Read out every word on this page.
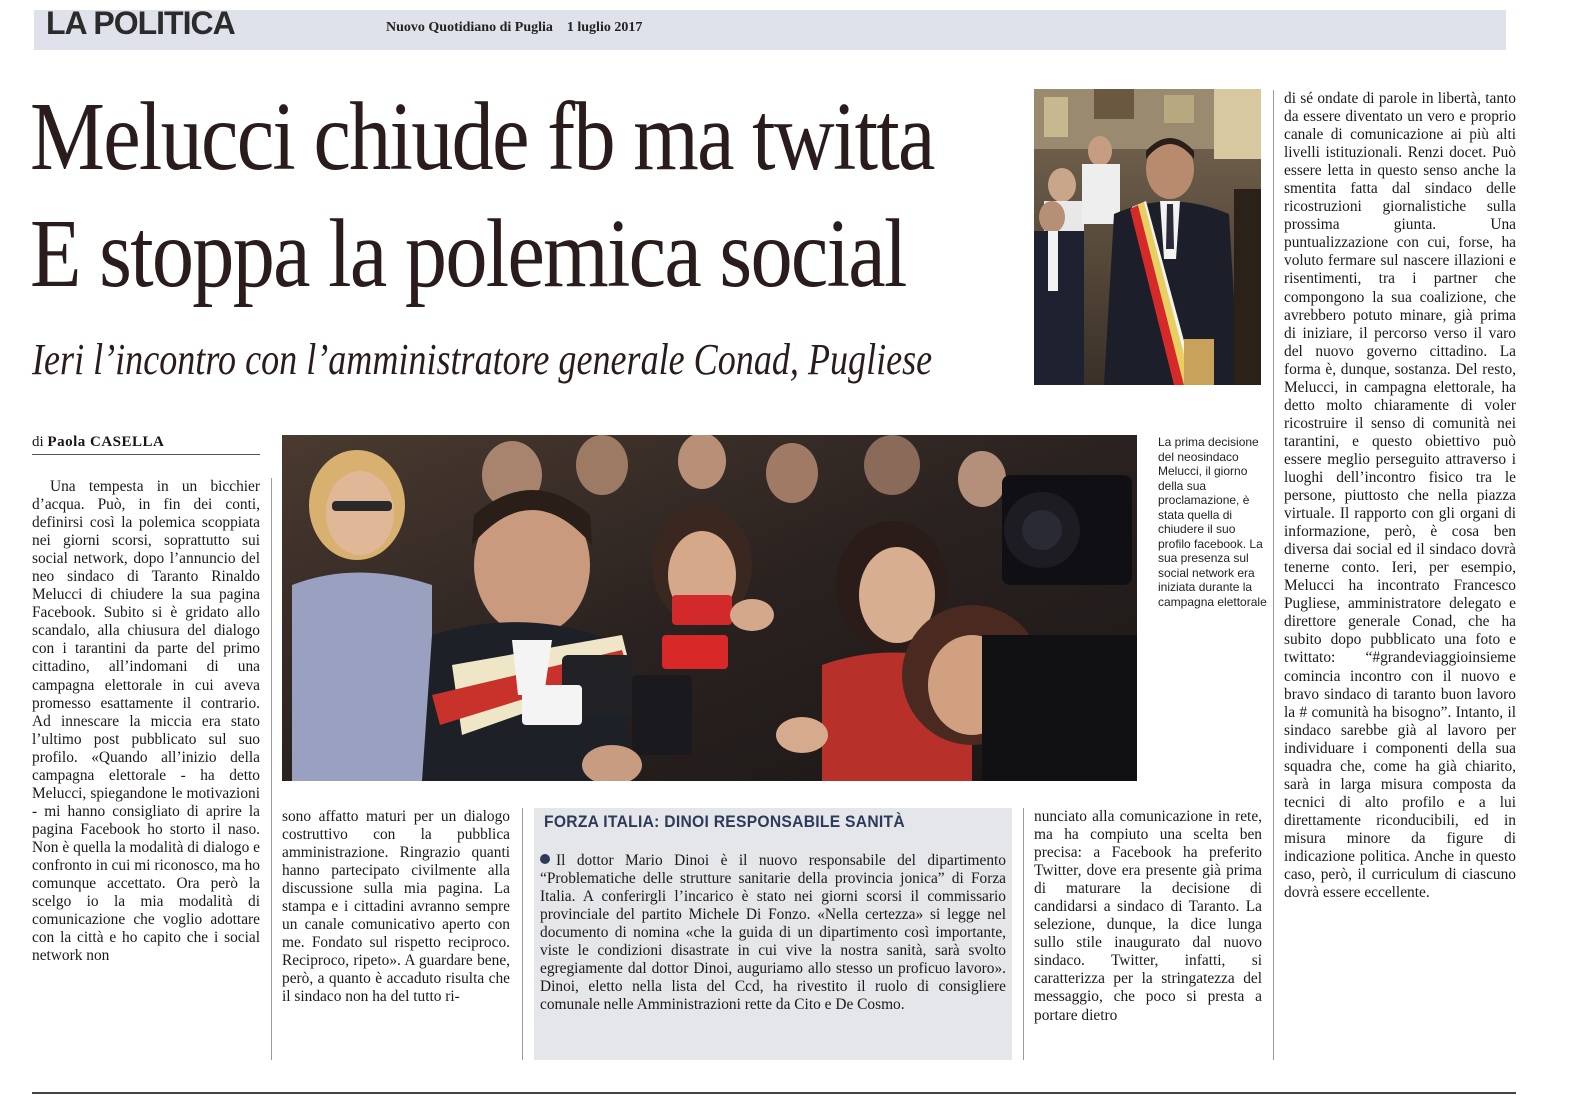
LA POLITICA	Nuovo Quotidiano di Puglia    1 luglio 2017
Melucci chiude fb ma twitta
E stoppa la polemica social
Ieri l’incontro con l’amministratore generale Conad, Pugliese
di Paola CASELLA	La prima decisione del neosindaco Melucci, il giorno della sua proclamazione, è stata quella di chiudere il suo profilo facebook. La sua presenza sul social network era iniziata durante la campagna elettorale

Una tempesta in un bicchier d’acqua. Può, in fin dei conti, definirsi così la polemica scoppiata nei giorni scorsi, soprattutto sui social network, dopo l’annuncio del neo sindaco di Taranto Rinaldo Melucci di chiudere la sua pagina Facebook. Subito si è gridato allo scandalo, alla chiusura del dialogo con i tarantini da parte del primo cittadino, all’indomani di una campagna elettorale in cui aveva promesso esattamente il contrario. Ad innescare la miccia era stato l’ultimo post pubblicato sul suo profilo. «Quando all’inizio della campagna elettorale - ha detto Melucci, spiegandone le motivazioni - mi hanno consigliato di aprire la pagina Facebook ho storto il naso. Non è quella la modalità di dialogo e confronto in cui mi riconosco, ma ho comunque accettato. Ora però la scelgo io la mia modalità di comunicazione che voglio adottare con la città e ho capito che i social network non

sono affatto maturi per un dialogo costruttivo con la pubblica amministrazione. Ringrazio quanti hanno partecipato civilmente alla discussione sulla mia pagina. La stampa e i cittadini avranno sempre un canale comunicativo aperto con me. Fondato sul rispetto reciproco. Reciproco, ripeto». A guardare bene, però, a quanto è accaduto risulta che il sindaco non ha del tutto ri-

FORZA ITALIA: DINOI RESPONSABILE SANITÀ
Il dottor Mario Dinoi è il nuovo responsabile del dipartimento “Problematiche delle strutture sanitarie della provincia jonica” di Forza Italia. A conferirgli l’incarico è stato nei giorni scorsi il commissario provinciale del partito Michele Di Fonzo. «Nella certezza» si legge nel documento di nomina «che la guida di un dipartimento così importante, viste le condizioni disastrate in cui vive la nostra sanità, sarà svolto egregiamente dal dottor Dinoi, auguriamo allo stesso un proficuo lavoro». Dinoi, eletto nella lista del Ccd, ha rivestito il ruolo di consigliere comunale nelle Amministrazioni rette da Cito e De Cosmo.

nunciato alla comunicazione in rete, ma ha compiuto una scelta ben precisa: a Facebook ha preferito Twitter, dove era presente già prima di maturare la decisione di candidarsi a sindaco di Taranto. La selezione, dunque, la dice lunga sullo stile inaugurato dal nuovo sindaco. Twitter, infatti, si caratterizza per la stringatezza del messaggio, che poco si presta a portare dietro

di sé ondate di parole in libertà, tanto da essere diventato un vero e proprio canale di comunicazione ai più alti livelli istituzionali. Renzi docet. Può essere letta in questo senso anche la smentita fatta dal sindaco delle ricostruzioni giornalistiche sulla prossima giunta. Una puntualizzazione con cui, forse, ha voluto fermare sul nascere illazioni e risentimenti, tra i partner che compongono la sua coalizione, che avrebbero potuto minare, già prima di iniziare, il percorso verso il varo del nuovo governo cittadino. La forma è, dunque, sostanza. Del resto, Melucci, in campagna elettorale, ha detto molto chiaramente di voler ricostruire il senso di comunità nei tarantini, e questo obiettivo può essere meglio perseguito attraverso i luoghi dell’incontro fisico tra le persone, piuttosto che nella piazza virtuale. Il rapporto con gli organi di informazione, però, è cosa ben diversa dai social ed il sindaco dovrà tenerne conto. Ieri, per esempio, Melucci ha incontrato Francesco Pugliese, amministratore delegato e direttore generale Conad, che ha subito dopo pubblicato una foto e twittato: “#grandeviaggioinsieme comincia incontro con il nuovo e bravo sindaco di taranto buon lavoro la # comunità ha bisogno”. Intanto, il sindaco sarebbe già al lavoro per individuare i componenti della sua squadra che, come ha già chiarito, sarà in larga misura composta da tecnici di alto profilo e a lui direttamente riconducibili, ed in misura minore da figure di indicazione politica. Anche in questo caso, però, il curriculum di ciascuno dovrà essere eccellente.
